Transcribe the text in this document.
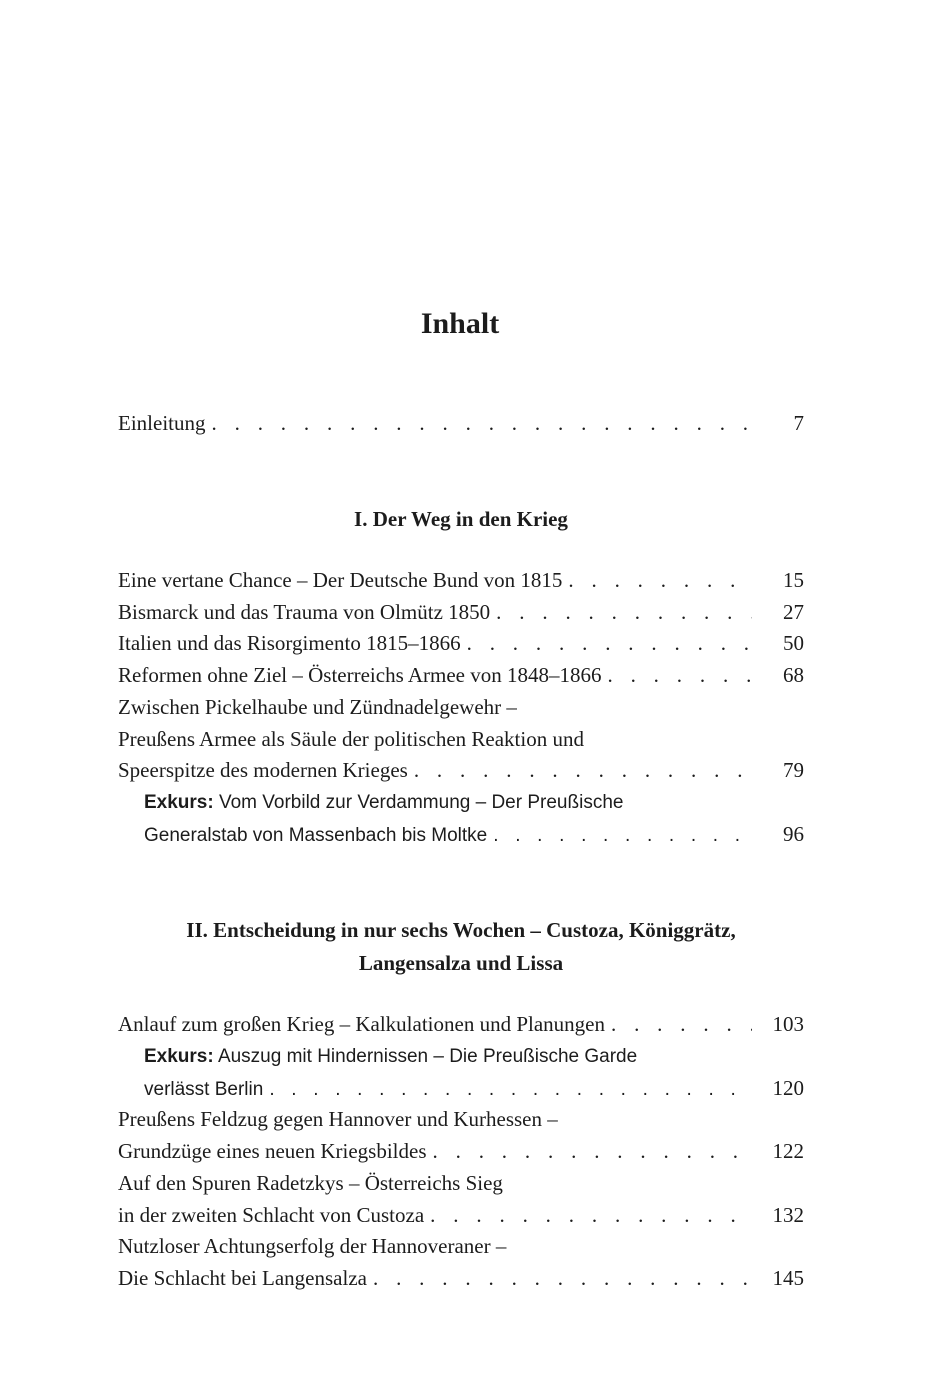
Inhalt
Einleitung . . .	7
I. Der Weg in den Krieg
Eine vertane Chance – Der Deutsche Bund von 1815 . . .	15
Bismarck und das Trauma von Olmütz 1850 . . .	27
Italien und das Risorgimento 1815–1866 . . .	50
Reformen ohne Ziel – Österreichs Armee von 1848–1866 . . .	68
Zwischen Pickelhaube und Zündnadelgewehr –
Preußens Armee als Säule der politischen Reaktion und
Speerspitze des modernen Krieges . . .	79
Exkurs: Vom Vorbild zur Verdammung – Der Preußische
Generalstab von Massenbach bis Moltke . . .	96
II. Entscheidung in nur sechs Wochen – Custoza, Königgrätz,
Langensalza und Lissa
Anlauf zum großen Krieg – Kalkulationen und Planungen . . .	103
Exkurs: Auszug mit Hindernissen – Die Preußische Garde
verlässt Berlin . . .	120
Preußens Feldzug gegen Hannover und Kurhessen –
Grundzüge eines neuen Kriegsbildes . . .	122
Auf den Spuren Radetzkys – Österreichs Sieg
in der zweiten Schlacht von Custoza . . .	132
Nutzloser Achtungserfolg der Hannoveraner –
Die Schlacht bei Langensalza . . .	145
